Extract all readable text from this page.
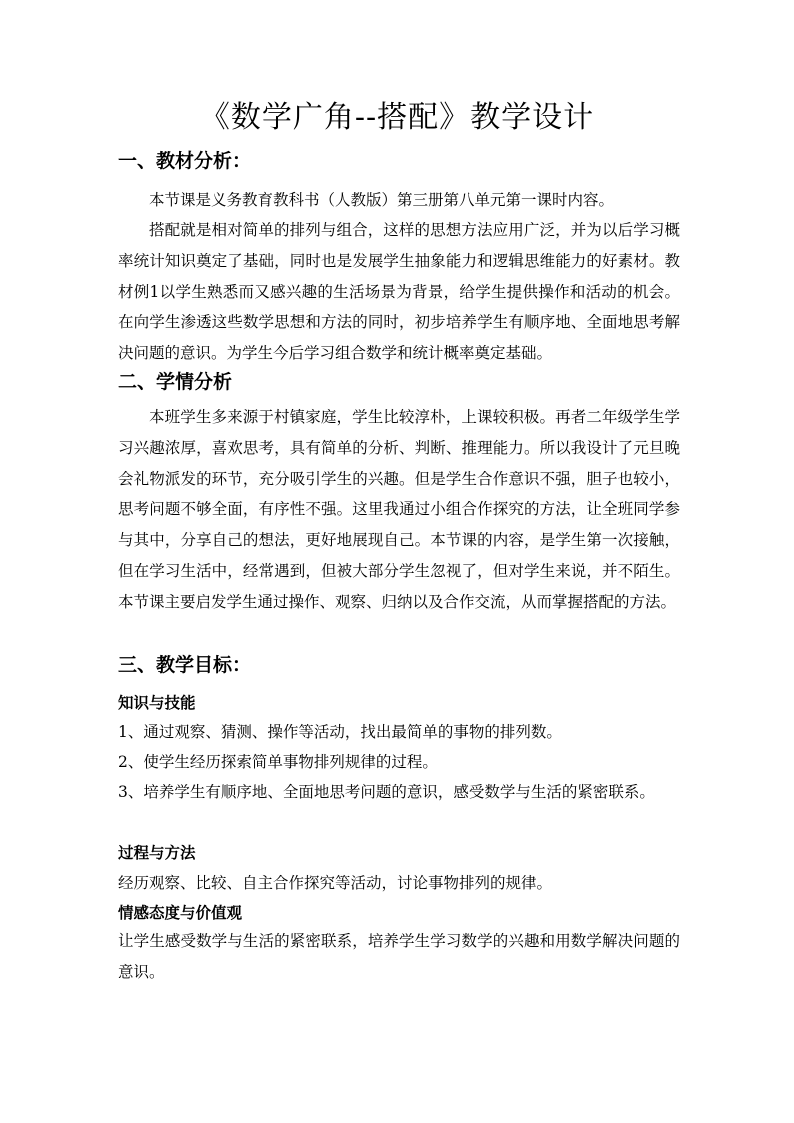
《数学广角--搭配》教学设计
一、教材分析：
本节课是义务教育教科书（人教版）第三册第八单元第一课时内容。
搭配就是相对简单的排列与组合，这样的思想方法应用广泛，并为以后学习概率统计知识奠定了基础，同时也是发展学生抽象能力和逻辑思维能力的好素材。教材例1以学生熟悉而又感兴趣的生活场景为背景，给学生提供操作和活动的机会。在向学生渗透这些数学思想和方法的同时，初步培养学生有顺序地、全面地思考解决问题的意识。为学生今后学习组合数学和统计概率奠定基础。
二、学情分析
本班学生多来源于村镇家庭，学生比较淳朴，上课较积极。再者二年级学生学习兴趣浓厚，喜欢思考，具有简单的分析、判断、推理能力。所以我设计了元旦晚会礼物派发的环节，充分吸引学生的兴趣。但是学生合作意识不强，胆子也较小，思考问题不够全面，有序性不强。这里我通过小组合作探究的方法，让全班同学参与其中，分享自己的想法，更好地展现自己。本节课的内容，是学生第一次接触，但在学习生活中，经常遇到，但被大部分学生忽视了，但对学生来说，并不陌生。本节课主要启发学生通过操作、观察、归纳以及合作交流，从而掌握搭配的方法。
三、教学目标：
知识与技能
1、通过观察、猜测、操作等活动，找出最简单的事物的排列数。
2、使学生经历探索简单事物排列规律的过程。
3、培养学生有顺序地、全面地思考问题的意识，感受数学与生活的紧密联系。
过程与方法
经历观察、比较、自主合作探究等活动，讨论事物排列的规律。
情感态度与价值观
让学生感受数学与生活的紧密联系，培养学生学习数学的兴趣和用数学解决问题的意识。
